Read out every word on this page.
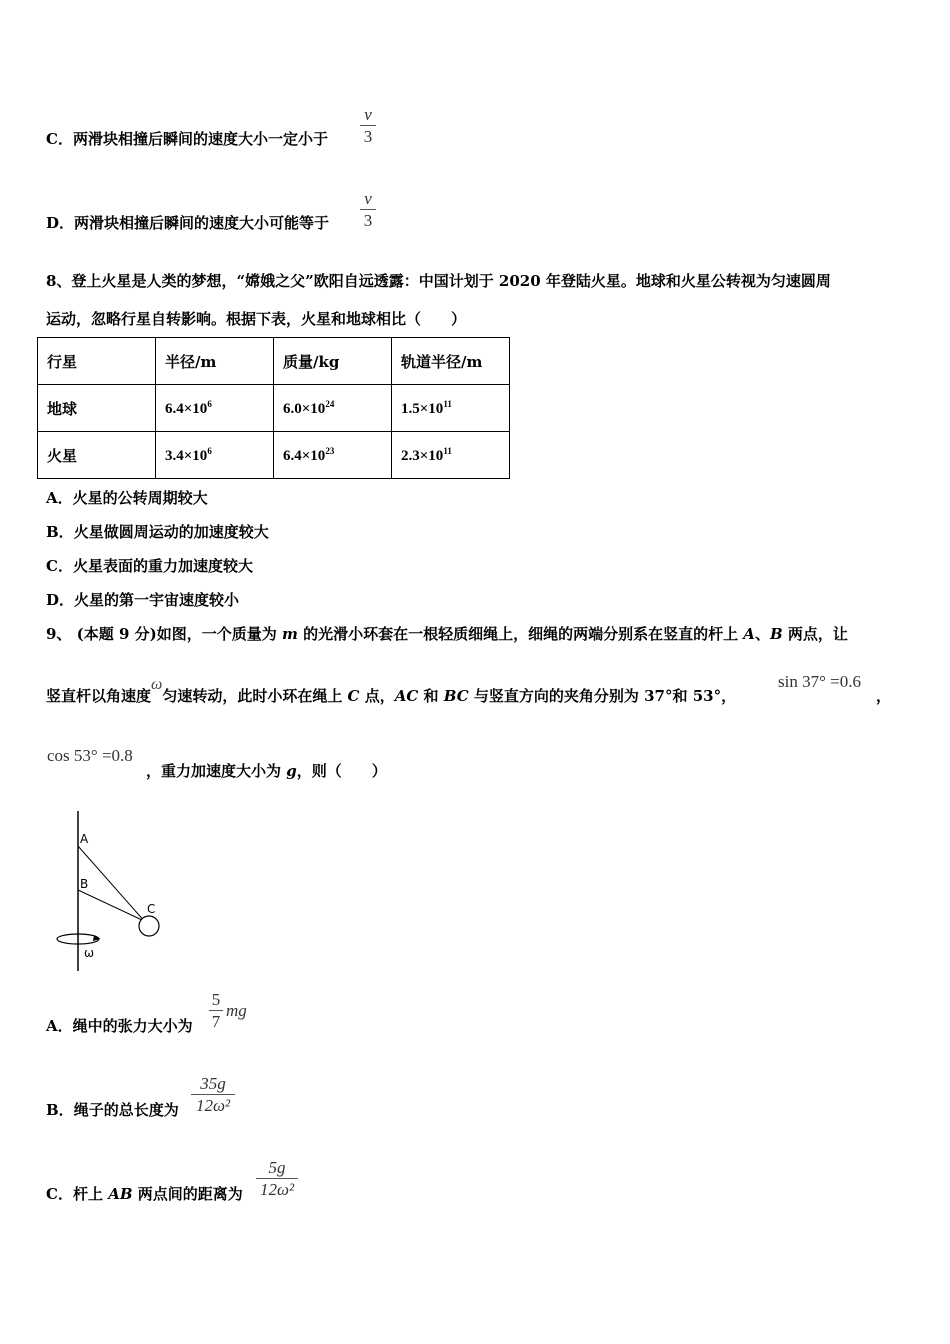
C．两滑块相撞后瞬间的速度大小一定小于
v
3
D．两滑块相撞后瞬间的速度大小可能等于
v
3
8、登上火星是人类的梦想，“嫦娥之父”欧阳自远透露：中国计划于 2020 年登陆火星。地球和火星公转视为匀速圆周
运动，忽略行星自转影响。根据下表，火星和地球相比（　　）
行星	半径/m	质量/kg	轨道半径/m
地球	$6.4\times 10^6$	$6.0\times 10^{24}$	$1.5\times 10^{11}$
火星	$3.4\times 10^6$	$6.4\times 10^{23}$	$2.3\times 10^{11}$
A．火星的公转周期较大
B．火星做圆周运动的加速度较大
C．火星表面的重力加速度较大
D．火星的第一宇宙速度较小
9、 (本题 9 分)如图，一个质量为 m 的光滑小环套在一根轻质细绳上，细绳的两端分别系在竖直的杆上 A、B 两点，让
竖直杆以角速度ω匀速转动，此时小环在绳上 C 点，AC 和 BC 与竖直方向的夹角分别为 37°和 53°，
sin 37° =0.6
，
cos 53° =0.8
，重力加速度大小为 g，则（　　）
A
B
C
ω
A．绳中的张力大小为
5
7
mg
B．绳子的总长度为
35g
12ω²
C．杆上 AB 两点间的距离为
5g
12ω²
